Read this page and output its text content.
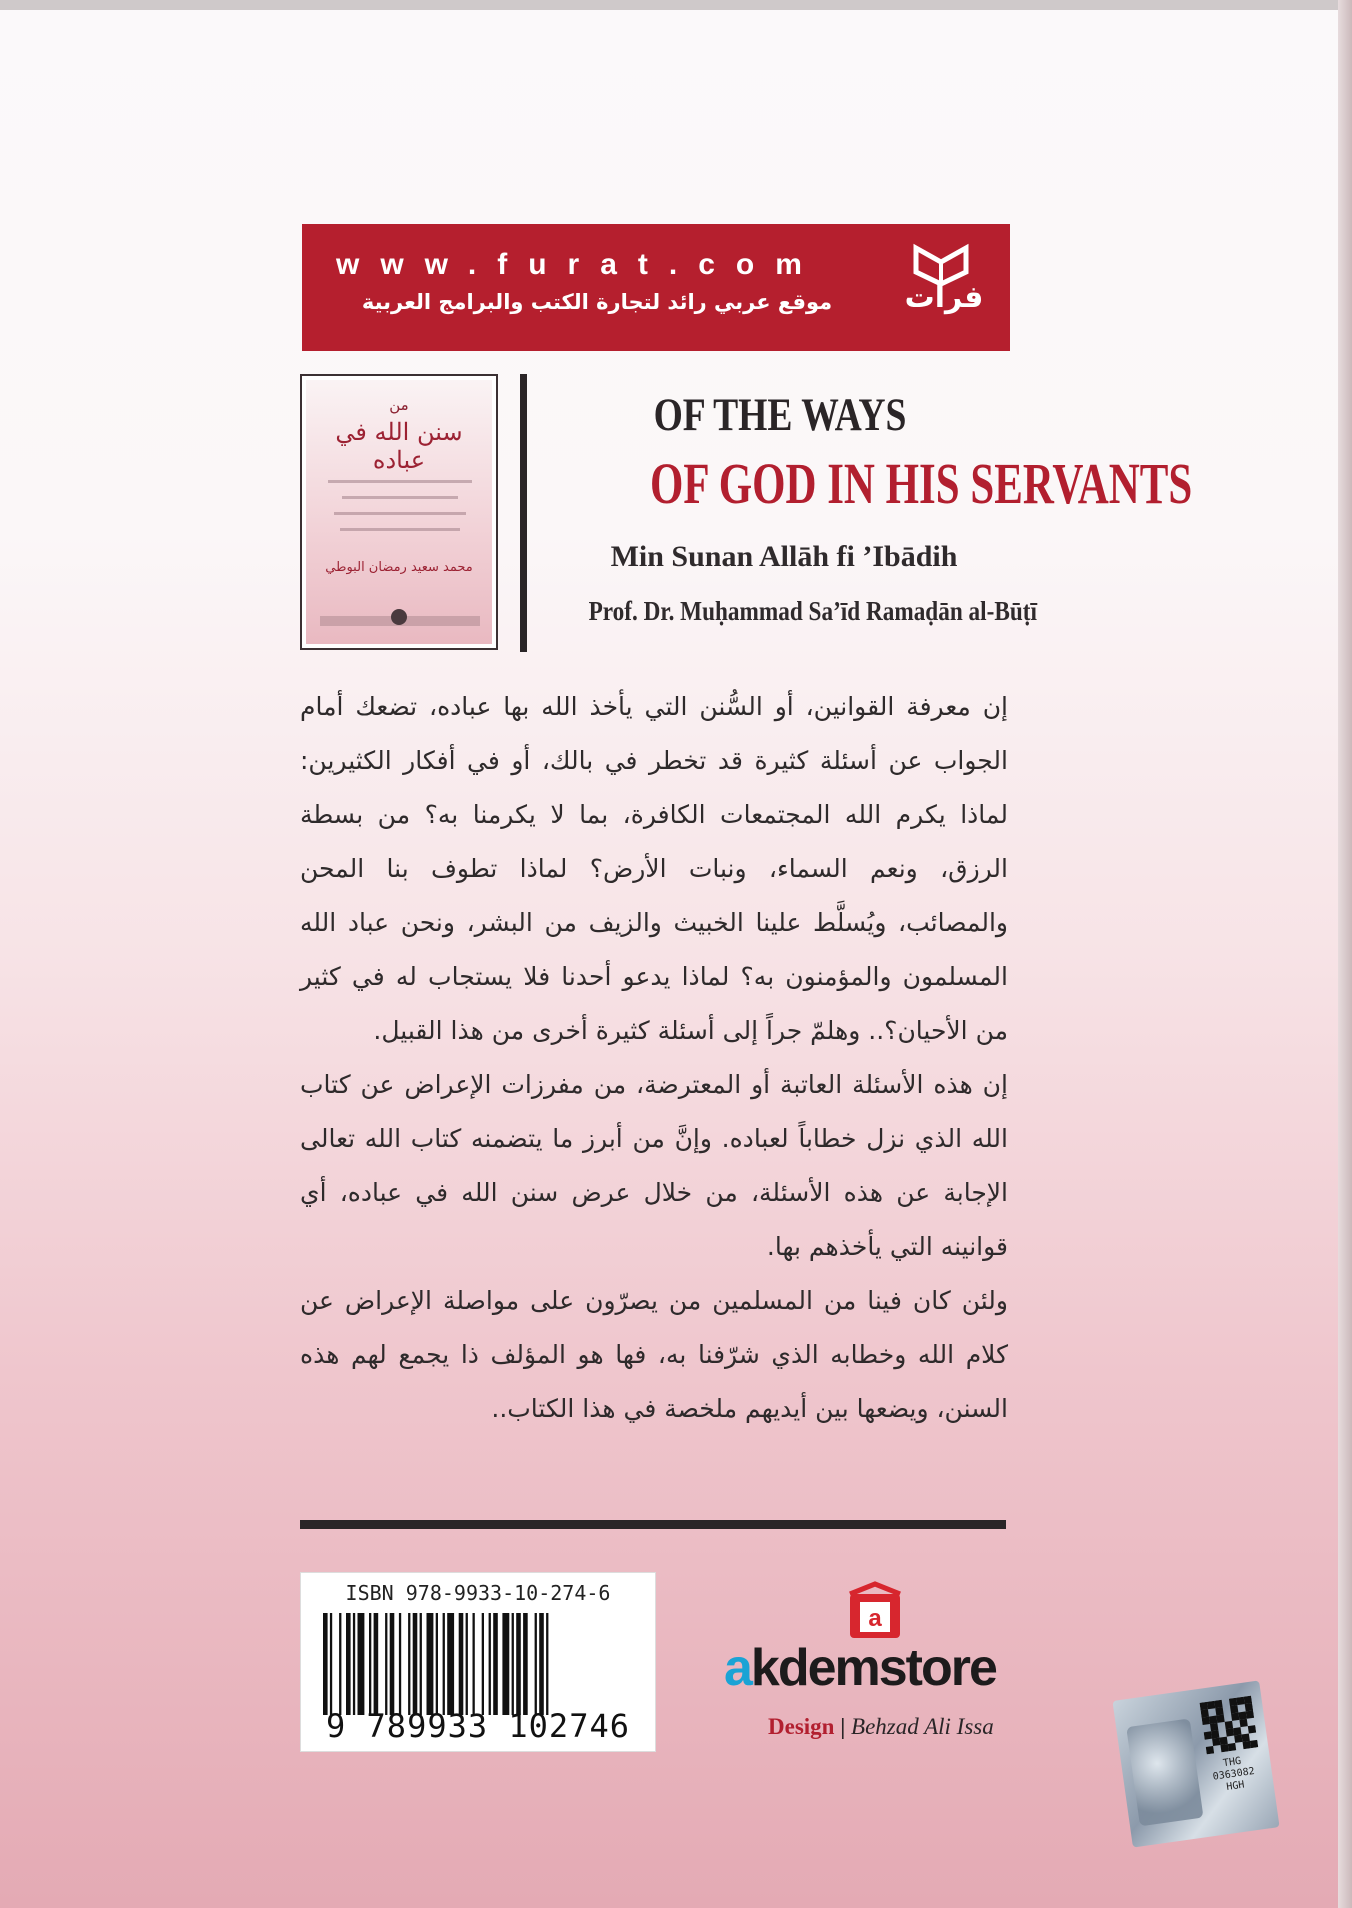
www.furat.com
موقع عربي رائد لتجارة الكتب والبرامج العربية	فرات
من
سنن الله في عباده
محمد سعيد رمضان البوطي
OF THE WAYS
OF GOD IN HIS SERVANTS
Min Sunan Allāh fi ’Ibādih
Prof. Dr. Muḥammad Sa’īd Ramaḍān al-Būṭī

إن معرفة القوانين، أو السُّنن التي يأخذ الله بها عباده، تضعك أمام الجواب عن أسئلة كثيرة قد تخطر في بالك، أو في أفكار الكثيرين: لماذا يكرم الله المجتمعات الكافرة، بما لا يكرمنا به؟ من بسطة الرزق، ونعم السماء، ونبات الأرض؟ لماذا تطوف بنا المحن والمصائب، ويُسلَّط علينا الخبيث والزيف من البشر، ونحن عباد الله المسلمون والمؤمنون به؟ لماذا يدعو أحدنا فلا يستجاب له في كثير من الأحيان؟.. وهلمّ جراً إلى أسئلة كثيرة أخرى من هذا القبيل.

إن هذه الأسئلة العاتبة أو المعترضة، من مفرزات الإعراض عن كتاب الله الذي نزل خطاباً لعباده. وإنَّ من أبرز ما يتضمنه كتاب الله تعالى الإجابة عن هذه الأسئلة، من خلال عرض سنن الله في عباده، أي قوانينه التي يأخذهم بها.

ولئن كان فينا من المسلمين من يصرّون على مواصلة الإعراض عن كلام الله وخطابه الذي شرّفنا به، فها هو المؤلف ذا يجمع لهم هذه السنن، ويضعها بين أيديهم ملخصة في هذا الكتاب..

ISBN 978-9933-10-274-6
9 789933 102746
a
akdemstore
Design | Behzad Ali Issa
THG
0363082
HGH
